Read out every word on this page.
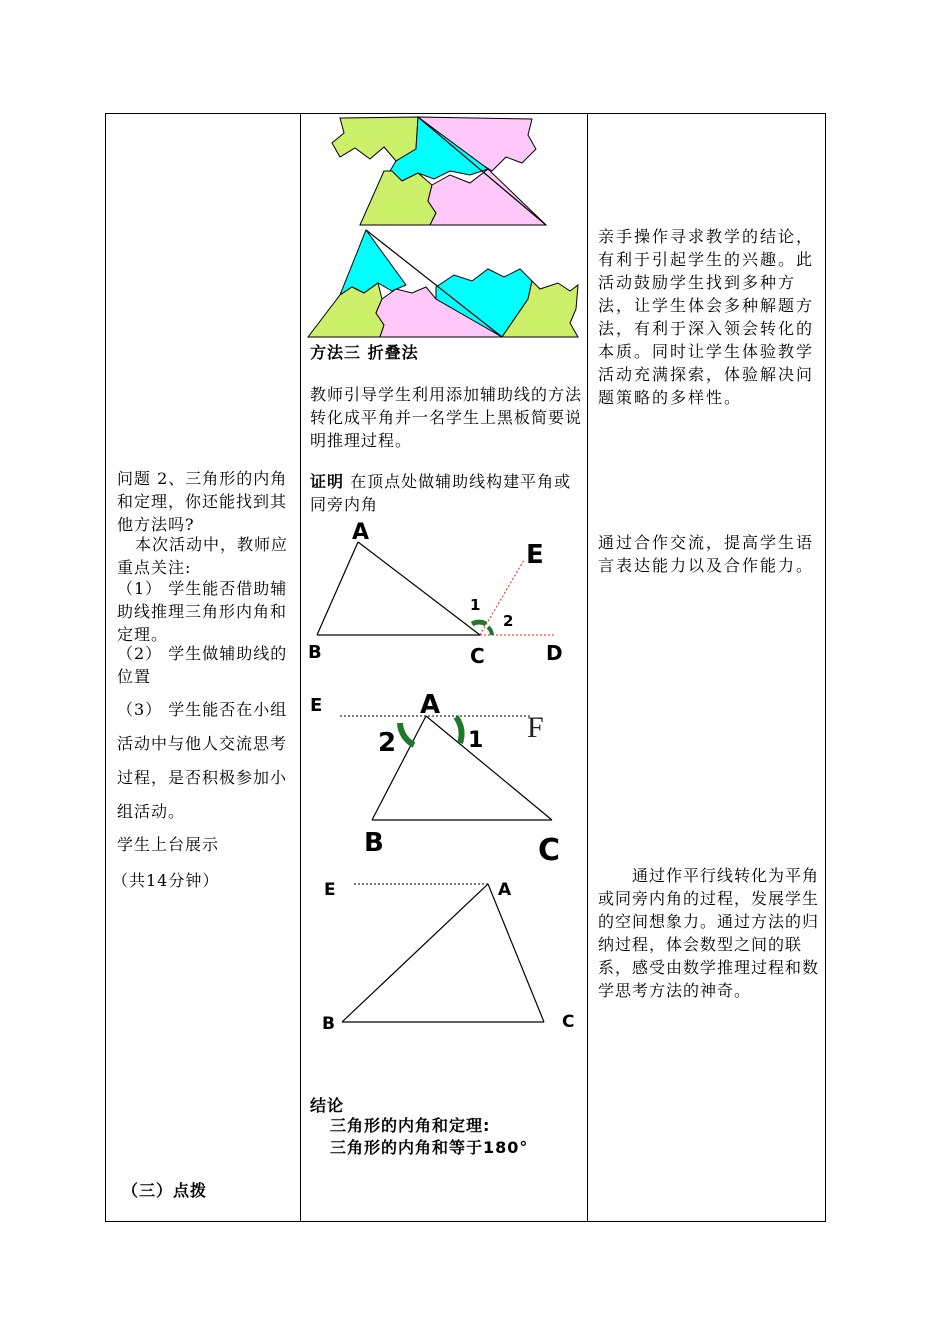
问题 2、三角形的内角和定理，你还能找到其他方法吗?
本次活动中，教师应重点关注:
（1） 学生能否借助辅助线推理三角形内角和定理。
（2） 学生做辅助线的位置
（3） 学生能否在小组活动中与他人交流思考过程，是否积极参加小组活动。
学生上台展示
（共14分钟）
（三）点拨
方法三 折叠法
教师引导学生利用添加辅助线的方法转化成平角并一名学生上黑板简要说明推理过程。
证明 在顶点处做辅助线构建平角或同旁内角
A
B	C	D
E
1
2
E	A
F
2	1
B	C
E	A
B	C
结论
三角形的内角和定理:
三角形的内角和等于180°
亲手操作寻求教学的结论，有利于引起学生的兴趣。此活动鼓励学生找到多种方法，让学生体会多种解题方法，有利于深入领会转化的本质。同时让学生体验教学活动充满探索，体验解决问题策略的多样性。
通过合作交流，提高学生语言表达能力以及合作能力。
通过作平行线转化为平角或同旁内角的过程，发展学生的空间想象力。通过方法的归纳过程，体会数型之间的联系，感受由数学推理过程和数学思考方法的神奇。
